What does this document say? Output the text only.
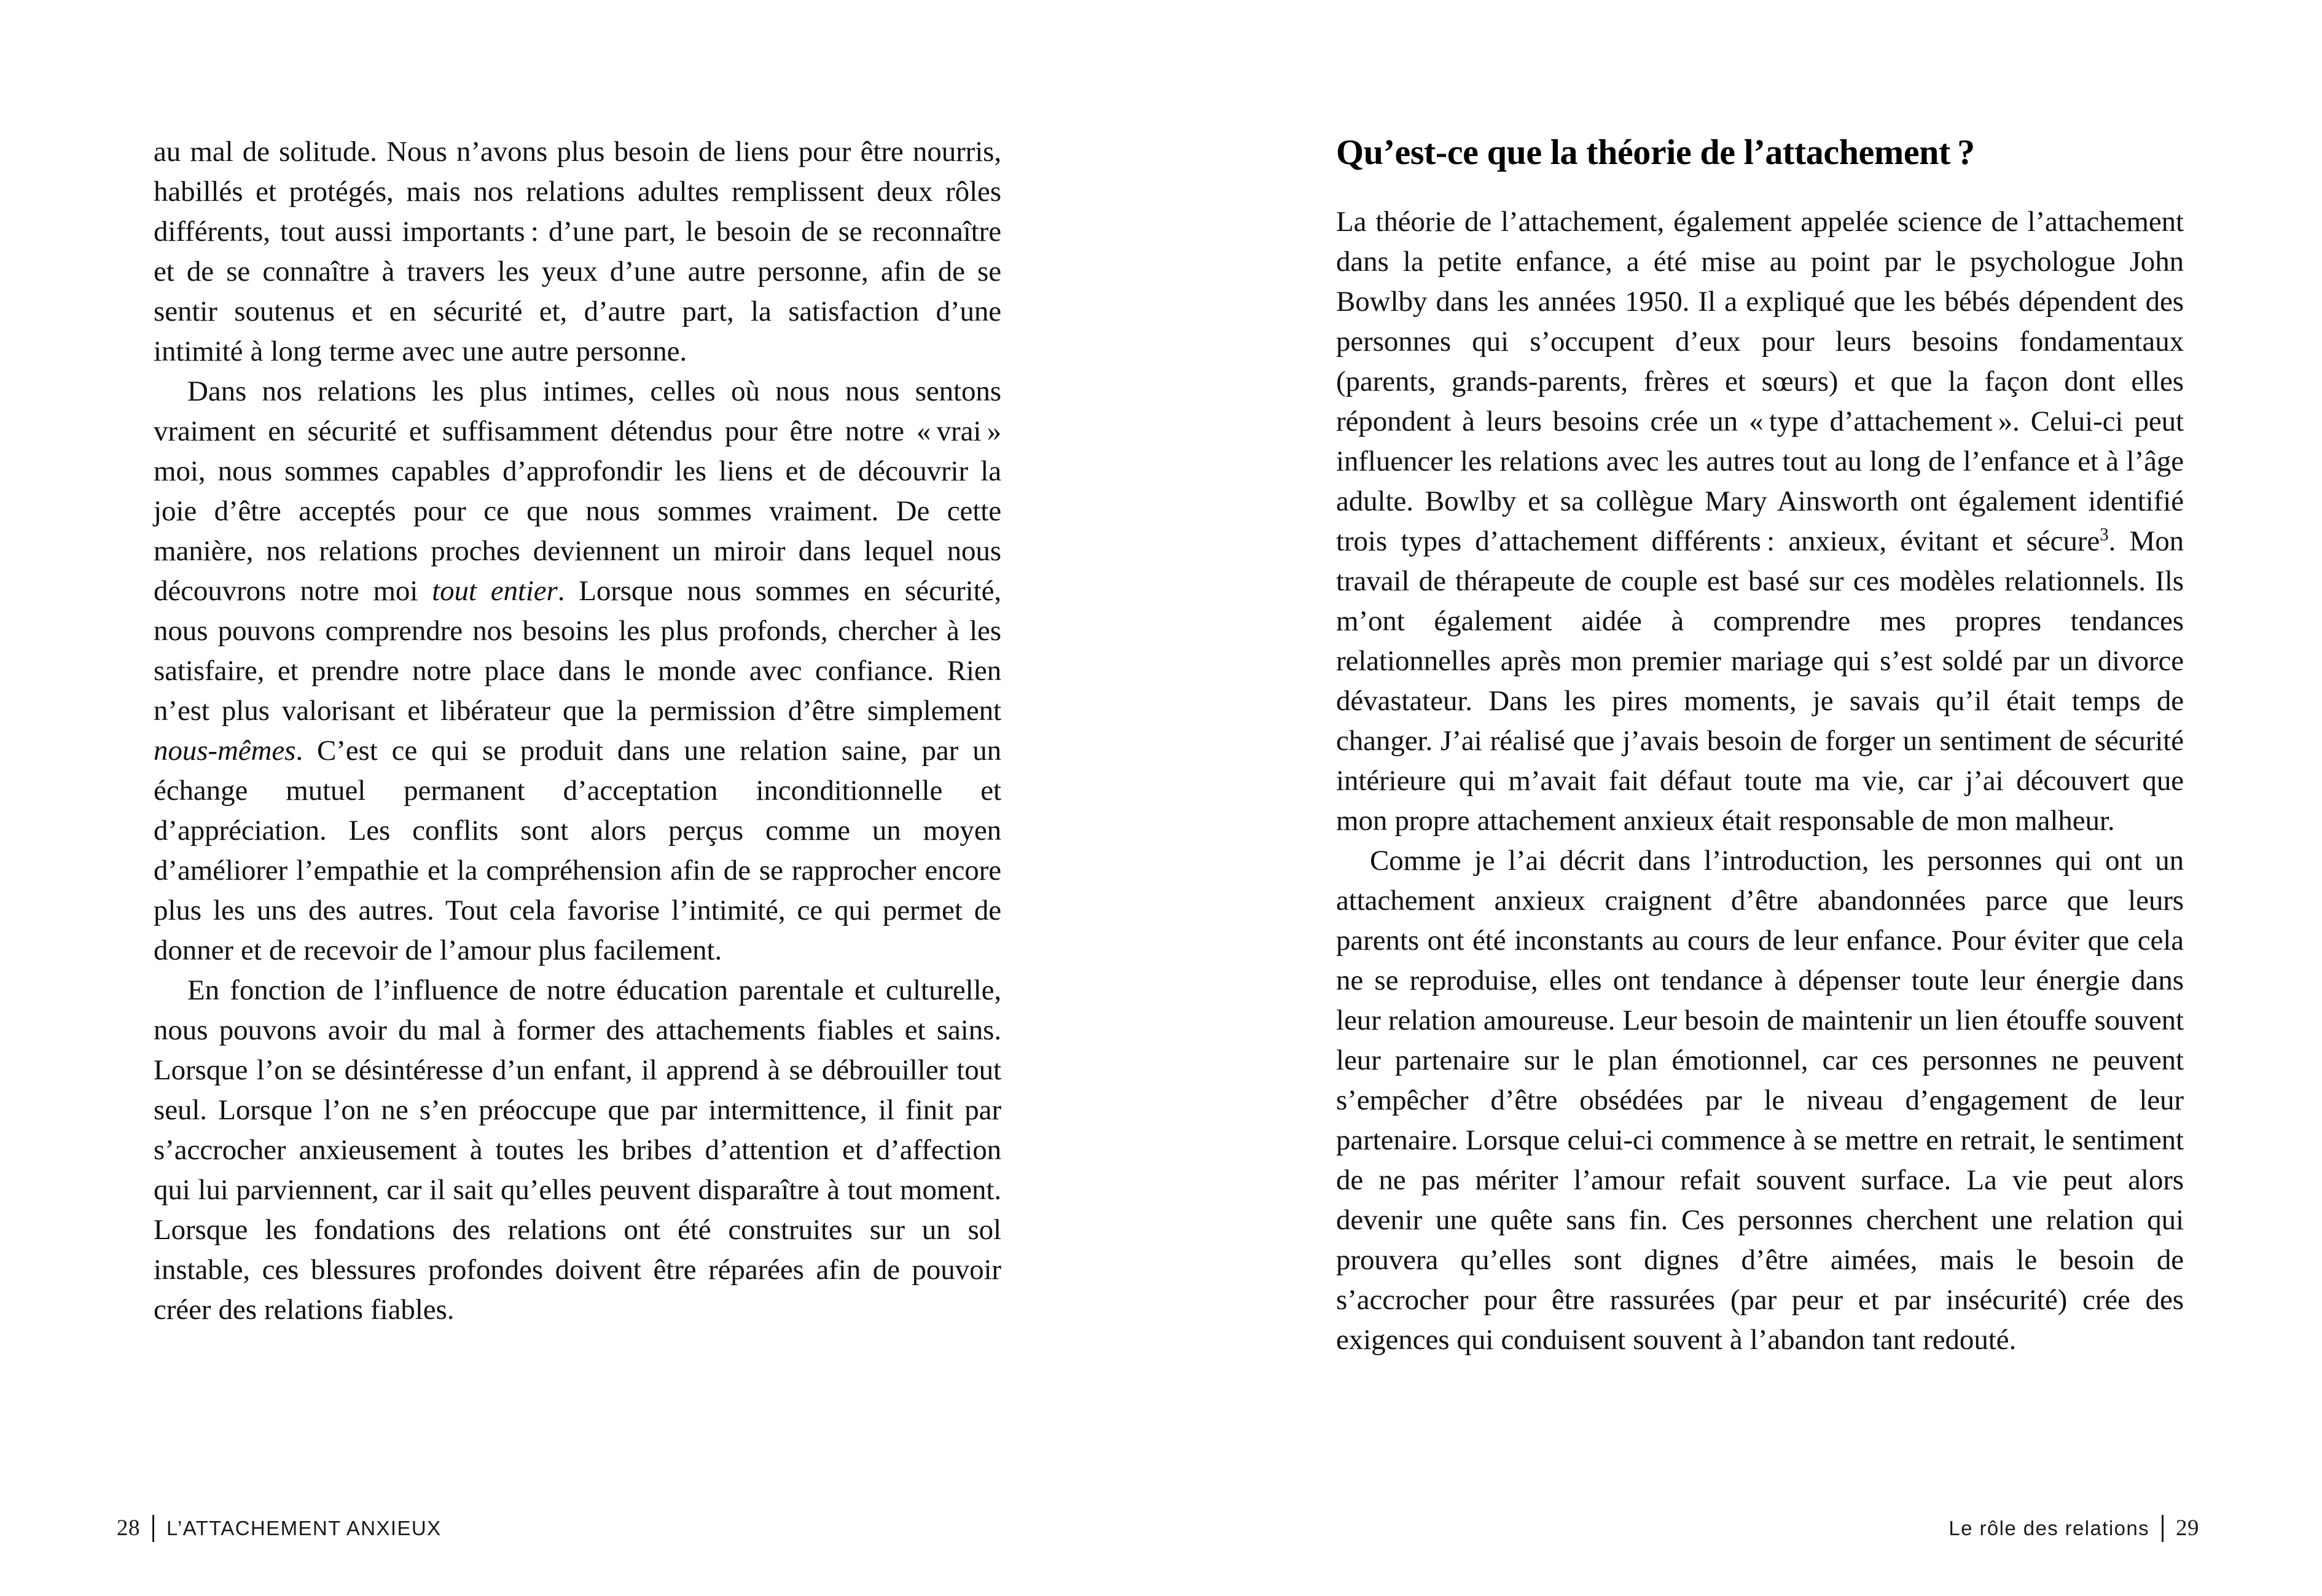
au mal de solitude. Nous n’avons plus besoin de liens pour être nourris, habillés et protégés, mais nos relations adultes remplissent deux rôles différents, tout aussi importants : d’une part, le besoin de se reconnaître et de se connaître à travers les yeux d’une autre personne, afin de se sentir soutenus et en sécurité et, d’autre part, la satisfaction d’une intimité à long terme avec une autre personne.

Dans nos relations les plus intimes, celles où nous nous sentons vraiment en sécurité et suffisamment détendus pour être notre « vrai » moi, nous sommes capables d’approfondir les liens et de découvrir la joie d’être acceptés pour ce que nous sommes vraiment. De cette manière, nos relations proches deviennent un miroir dans lequel nous découvrons notre moi tout entier. Lorsque nous sommes en sécurité, nous pouvons comprendre nos besoins les plus profonds, chercher à les satisfaire, et prendre notre place dans le monde avec confiance. Rien n’est plus valorisant et libérateur que la permission d’être simplement nous-mêmes. C’est ce qui se produit dans une relation saine, par un échange mutuel permanent d’acceptation inconditionnelle et d’appréciation. Les conflits sont alors perçus comme un moyen d’améliorer l’empathie et la compréhension afin de se rapprocher encore plus les uns des autres. Tout cela favorise l’intimité, ce qui permet de donner et de recevoir de l’amour plus facilement.

En fonction de l’influence de notre éducation parentale et culturelle, nous pouvons avoir du mal à former des attachements fiables et sains. Lorsque l’on se désintéresse d’un enfant, il apprend à se débrouiller tout seul. Lorsque l’on ne s’en préoccupe que par intermittence, il finit par s’accrocher anxieusement à toutes les bribes d’attention et d’affection qui lui parviennent, car il sait qu’elles peuvent disparaître à tout moment. Lorsque les fondations des relations ont été construites sur un sol instable, ces blessures profondes doivent être réparées afin de pouvoir créer des relations fiables.

28 L’ATTACHEMENT ANXIEUX
Qu’est-ce que la théorie de l’attachement ?

La théorie de l’attachement, également appelée science de l’attachement dans la petite enfance, a été mise au point par le psychologue John Bowlby dans les années 1950. Il a expliqué que les bébés dépendent des personnes qui s’occupent d’eux pour leurs besoins fondamentaux (parents, grands-parents, frères et sœurs) et que la façon dont elles répondent à leurs besoins crée un « type d’attachement ». Celui-ci peut influencer les relations avec les autres tout au long de l’enfance et à l’âge adulte. Bowlby et sa collègue Mary Ainsworth ont également identifié trois types d’attachement différents : anxieux, évitant et sécure$^3$. Mon travail de thérapeute de couple est basé sur ces modèles relationnels. Ils m’ont également aidée à comprendre mes propres tendances relationnelles après mon premier mariage qui s’est soldé par un divorce dévastateur. Dans les pires moments, je savais qu’il était temps de changer. J’ai réalisé que j’avais besoin de forger un sentiment de sécurité intérieure qui m’avait fait défaut toute ma vie, car j’ai découvert que mon propre attachement anxieux était responsable de mon malheur.

Comme je l’ai décrit dans l’introduction, les personnes qui ont un attachement anxieux craignent d’être abandonnées parce que leurs parents ont été inconstants au cours de leur enfance. Pour éviter que cela ne se reproduise, elles ont tendance à dépenser toute leur énergie dans leur relation amoureuse. Leur besoin de maintenir un lien étouffe souvent leur partenaire sur le plan émotionnel, car ces personnes ne peuvent s’empêcher d’être obsédées par le niveau d’engagement de leur partenaire. Lorsque celui-ci commence à se mettre en retrait, le sentiment de ne pas mériter l’amour refait souvent surface. La vie peut alors devenir une quête sans fin. Ces personnes cherchent une relation qui prouvera qu’elles sont dignes d’être aimées, mais le besoin de s’accrocher pour être rassurées (par peur et par insécurité) crée des exigences qui conduisent souvent à l’abandon tant redouté.

Le rôle des relations 29
